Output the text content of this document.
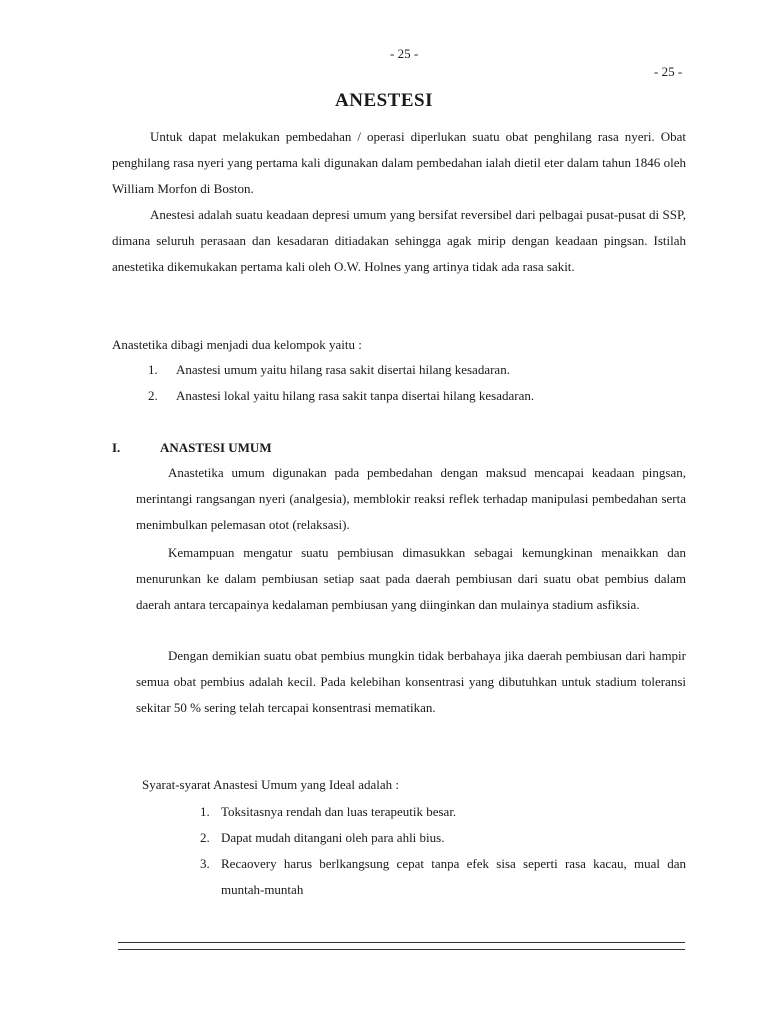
- 25 -
- 25 -
ANESTESI
Untuk dapat melakukan pembedahan / operasi diperlukan suatu obat penghilang rasa nyeri. Obat penghilang rasa nyeri yang pertama kali digunakan dalam pembedahan ialah dietil eter dalam tahun 1846 oleh William Morfon di Boston.
Anestesi adalah suatu keadaan depresi umum yang bersifat reversibel dari pelbagai pusat-pusat di SSP, dimana seluruh perasaan dan kesadaran ditiadakan sehingga agak mirip dengan keadaan pingsan. Istilah anestetika dikemukakan pertama kali oleh O.W. Holnes yang artinya tidak ada rasa sakit.
Anastetika dibagi menjadi dua kelompok yaitu :
1. Anastesi umum yaitu hilang rasa sakit disertai hilang kesadaran.
2. Anastesi lokal yaitu hilang rasa sakit tanpa disertai hilang kesadaran.
I.	ANASTESI UMUM
Anastetika umum digunakan pada pembedahan dengan maksud mencapai keadaan pingsan, merintangi rangsangan nyeri (analgesia), memblokir reaksi reflek terhadap manipulasi pembedahan serta menimbulkan pelemasan otot (relaksasi).
Kemampuan mengatur suatu pembiusan dimasukkan sebagai kemungkinan menaikkan dan menurunkan ke dalam pembiusan setiap saat pada daerah pembiusan dari suatu obat pembius dalam daerah antara tercapainya kedalaman pembiusan yang diinginkan dan mulainya stadium asfiksia.
Dengan demikian suatu obat pembius mungkin tidak berbahaya jika daerah pembiusan dari hampir semua obat pembius adalah kecil. Pada kelebihan konsentrasi yang dibutuhkan untuk stadium toleransi sekitar 50 % sering telah tercapai konsentrasi mematikan.
Syarat-syarat Anastesi Umum yang Ideal adalah :
1. Toksitasnya rendah dan luas terapeutik besar.
2. Dapat mudah ditangani oleh para ahli bius.
3. Recaovery harus berlkangsung cepat tanpa efek sisa seperti rasa kacau, mual dan muntah-muntah
